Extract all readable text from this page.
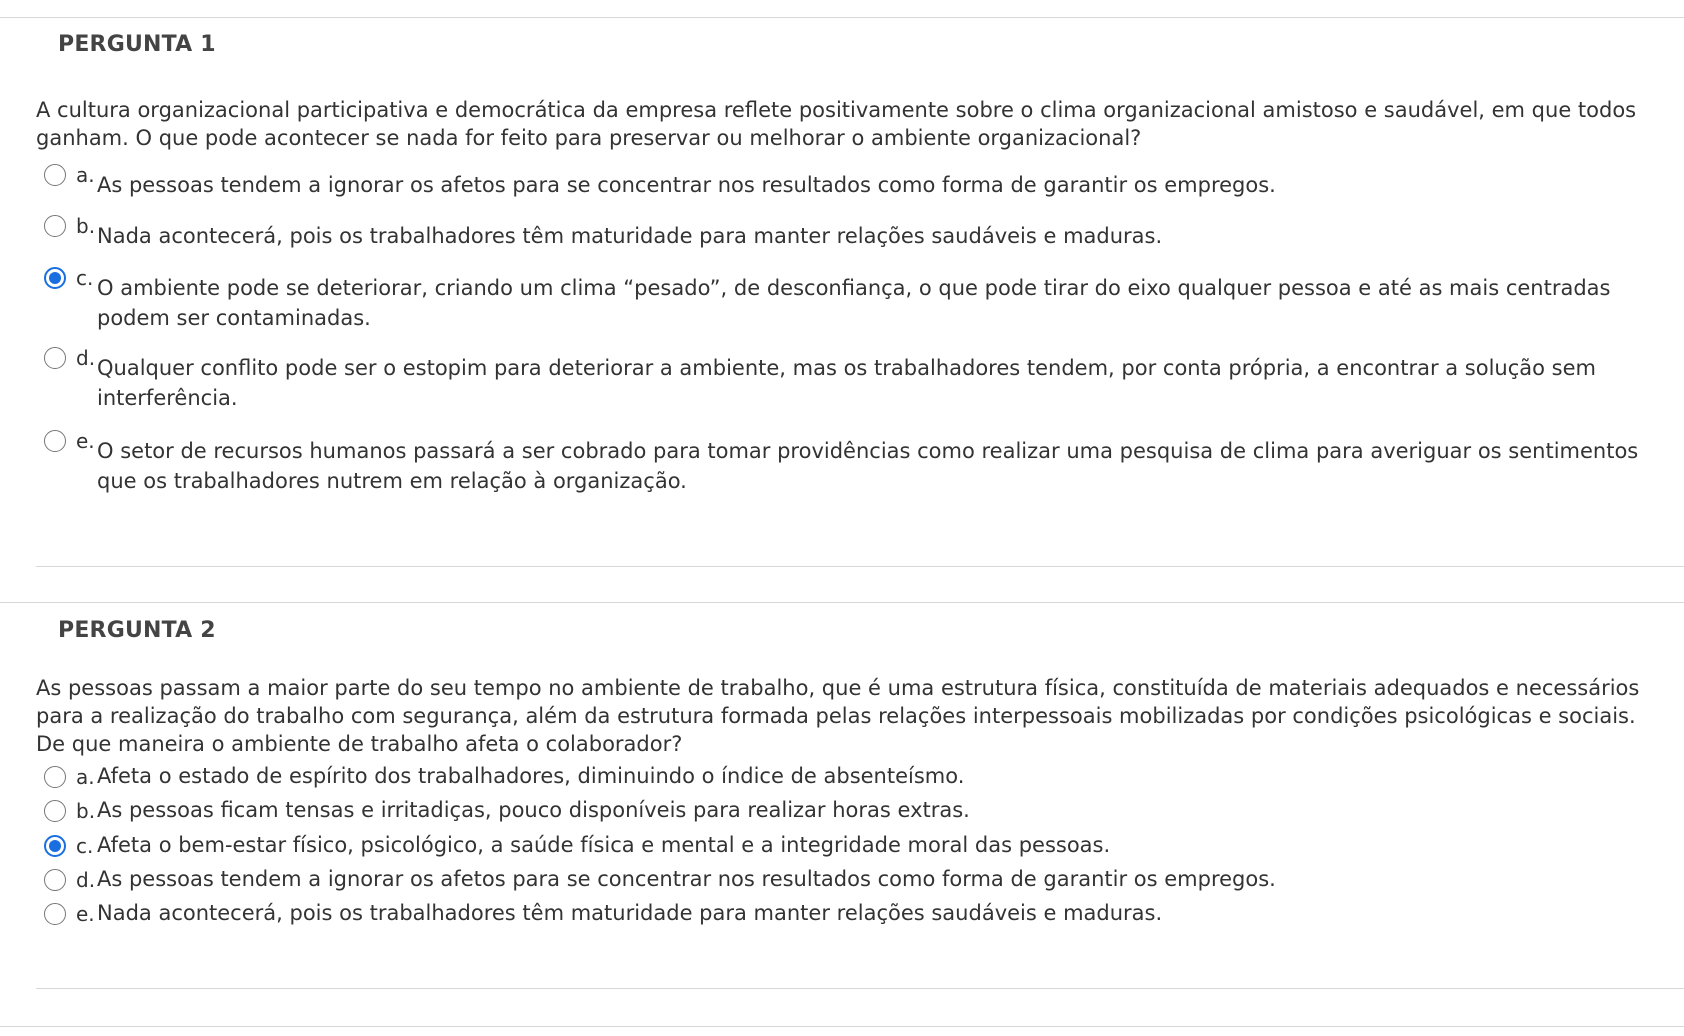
PERGUNTA 1

A cultura organizacional participativa e democrática da empresa reflete positivamente sobre o clima organizacional amistoso e saudável, em que todos ganham. O que pode acontecer se nada for feito para preservar ou melhorar o ambiente organizacional?

a. As pessoas tendem a ignorar os afetos para se concentrar nos resultados como forma de garantir os empregos.
b. Nada acontecerá, pois os trabalhadores têm maturidade para manter relações saudáveis e maduras.
c. O ambiente pode se deteriorar, criando um clima “pesado”, de desconfiança, o que pode tirar do eixo qualquer pessoa e até as mais centradas podem ser contaminadas.
d. Qualquer conflito pode ser o estopim para deteriorar a ambiente, mas os trabalhadores tendem, por conta própria, a encontrar a solução sem interferência.
e. O setor de recursos humanos passará a ser cobrado para tomar providências como realizar uma pesquisa de clima para averiguar os sentimentos que os trabalhadores nutrem em relação à organização.
PERGUNTA 2

As pessoas passam a maior parte do seu tempo no ambiente de trabalho, que é uma estrutura física, constituída de materiais adequados e necessários para a realização do trabalho com segurança, além da estrutura formada pelas relações interpessoais mobilizadas por condições psicológicas e sociais. De que maneira o ambiente de trabalho afeta o colaborador?

a. Afeta o estado de espírito dos trabalhadores, diminuindo o índice de absenteísmo.
b. As pessoas ficam tensas e irritadiças, pouco disponíveis para realizar horas extras.
c. Afeta o bem-estar físico, psicológico, a saúde física e mental e a integridade moral das pessoas.
d. As pessoas tendem a ignorar os afetos para se concentrar nos resultados como forma de garantir os empregos.
e. Nada acontecerá, pois os trabalhadores têm maturidade para manter relações saudáveis e maduras.
